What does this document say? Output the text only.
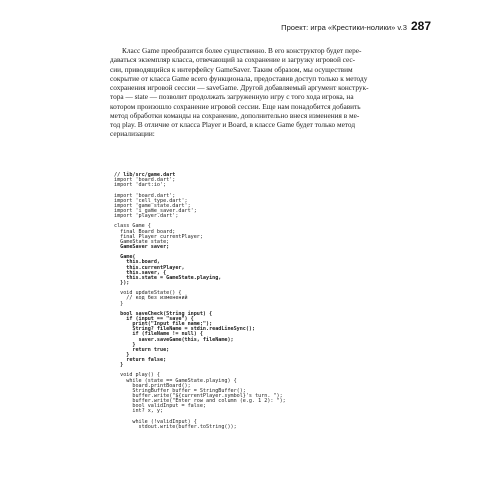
Проект: игра «Крестики-нолики» v.3 287
Класс Game преобразится более существенно. В его конструктор будет пере-
даваться экземпляр класса, отвечающий за сохранение и загрузку игровой сес-
сии, приводящийся к интерфейсу GameSaver. Таким образом, мы осуществим
сокрытие от класса Game всего функционала, предоставив доступ только к методу
сохранения игровой сессии — saveGame. Другой добавляемый аргумент конструк-
тора — state — позволит продолжать загруженную игру с того хода игрока, на
котором произошло сохранение игровой сессии. Еще нам понадобится добавить
метод обработки команды на сохранение, дополнительно внеся изменения в ме-
тод play. В отличие от класса Player и Board, в классе Game будет только метод
сериализации:
// lib/src/game.dart
import 'board.dart';
import 'dart:io';
import 'board.dart';
import 'cell_type.dart';
import 'game_state.dart';
import 'i_game_saver.dart';
import 'player.dart';
class Game {
final Board board;
final Player currentPlayer;
GameState state;
GameSaver saver;
Game(
this.board,
this.currentPlayer,
this.saver, {
this.state = GameState.playing,
});
void updateState() {
// код без изменений
}
bool saveCheck(String input) {
if (input == "save") {
print("Input file name:");
String? fileName = stdin.readLineSync();
if (fileName != null) {
saver.saveGame(this, fileName);
}
return true;
}
return false;
}
void play() {
while (state == GameState.playing) {
board.printBoard();
StringBuffer buffer = StringBuffer();
buffer.write("${currentPlayer.symbol}'s turn. ");
buffer.write("Enter row and column (e.g. 1 2): ");
bool validInput = false;
int? x, y;
while (!validInput) {
stdout.write(buffer.toString());
